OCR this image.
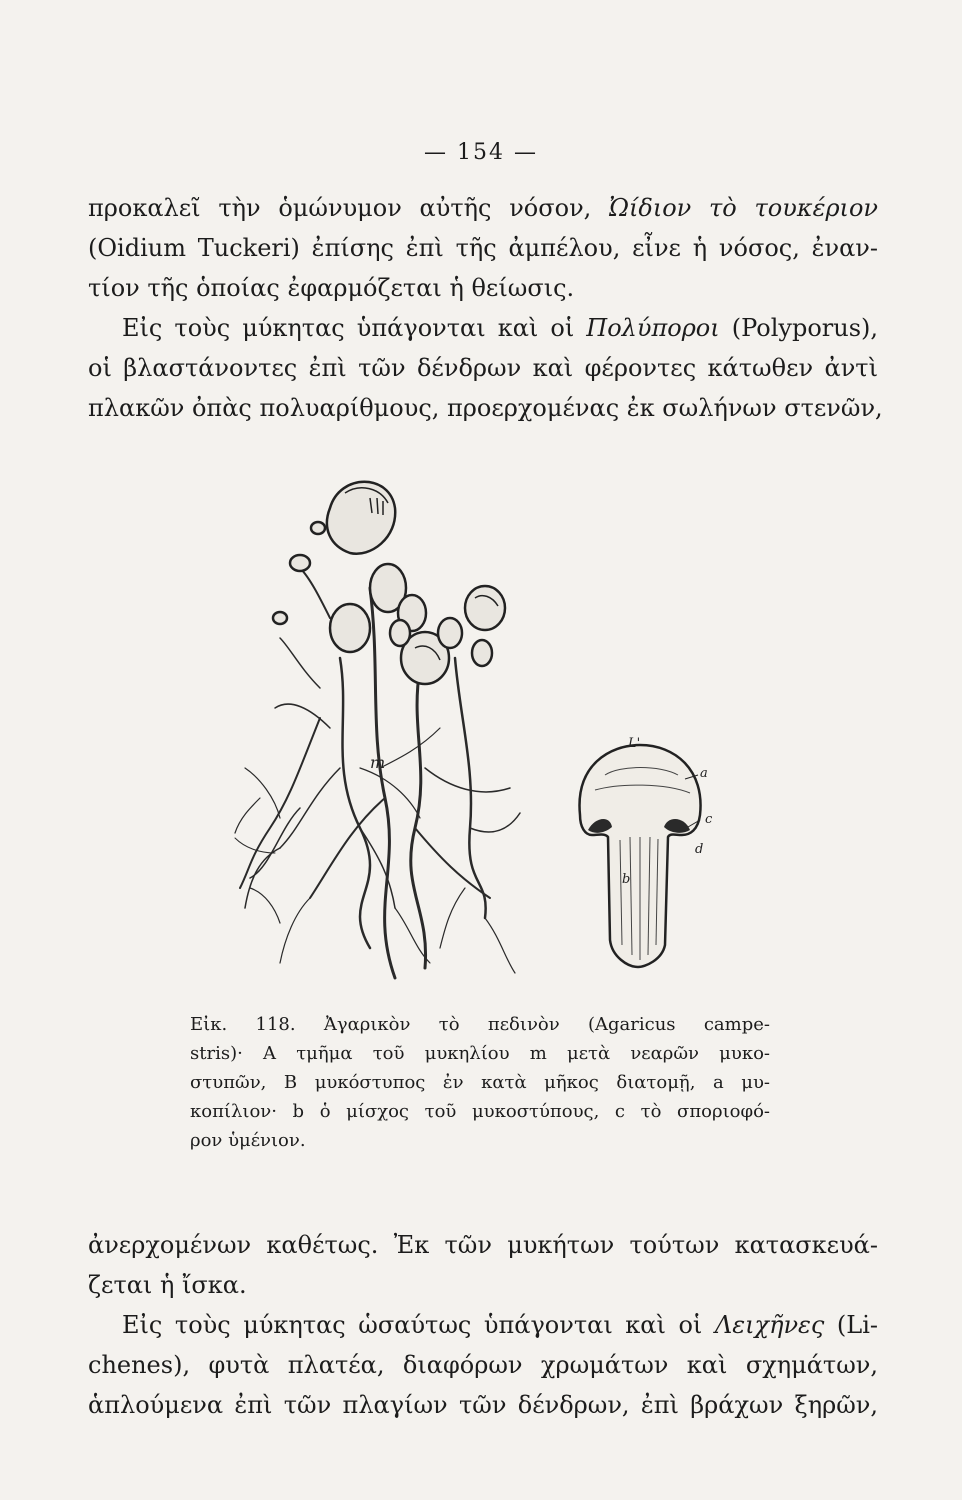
— 154 —
προκαλεῖ τὴν ὁμώνυμον αὐτῆς νόσον, Ὠίδιον τὸ τουκέριον
(Oidium Tuckeri) ἐπίσης ἐπὶ τῆς ἀμπέλου, εἶνε ἡ νόσος, ἐναν-
τίον τῆς ὁποίας ἐφαρμόζεται ἡ θείωσις.
Εἰς τοὺς μύκητας ὑπάγονται καὶ οἱ Πολύποροι (Polyporus),
οἱ βλαστάνοντες ἐπὶ τῶν δένδρων καὶ φέροντες κάτωθεν ἀντὶ
πλακῶν ὀπὰς πολυαρίθμους, προερχομένας ἐκ σωλήνων στενῶν,
m
L'
a
c
d
b
Εἰκ. 118. Ἀγαρικὸν τὸ πεδινὸν (Agaricus campe-
stris)· A τμῆμα τοῦ μυκηλίου m μετὰ νεαρῶν μυκο-
στυπῶν, B μυκόστυπος ἐν κατὰ μῆκος διατομῇ, a μυ-
κοπίλιον· b ὁ μίσχος τοῦ μυκοστύπους, c τὸ σποριοφό-
ρον ὑμένιον.
ἀνερχομένων καθέτως. Ἐκ τῶν μυκήτων τούτων κατασκευά-
ζεται ἡ ἴσκα.
Εἰς τοὺς μύκητας ὡσαύτως ὑπάγονται καὶ οἱ Λειχῆνες (Li-
chenes), φυτὰ πλατέα, διαφόρων χρωμάτων καὶ σχημάτων,
ἁπλούμενα ἐπὶ τῶν πλαγίων τῶν δένδρων, ἐπὶ βράχων ξηρῶν,
